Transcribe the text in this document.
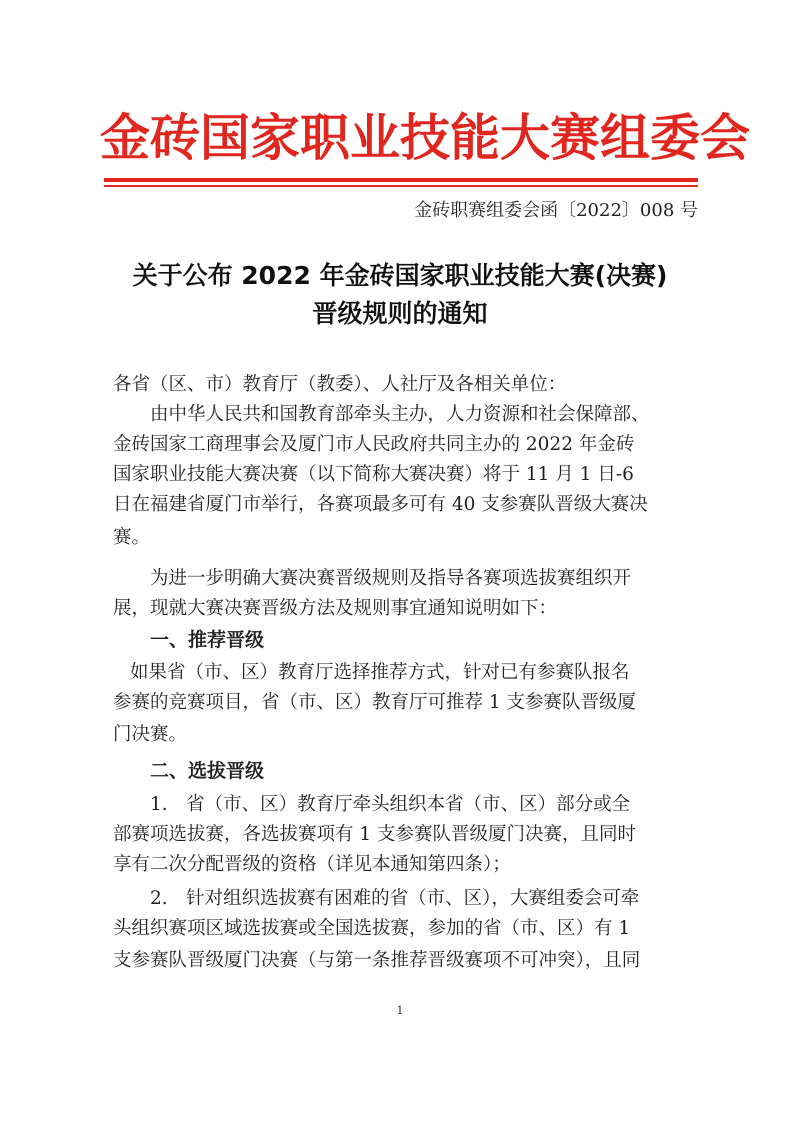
金砖国家职业技能大赛组委会
金砖职赛组委会函〔2022〕008 号
关于公布 2022 年金砖国家职业技能大赛(决赛)
晋级规则的通知
各省（区、市）教育厅（教委）、人社厅及各相关单位：
由中华人民共和国教育部牵头主办，人力资源和社会保障部、
金砖国家工商理事会及厦门市人民政府共同主办的 2022 年金砖
国家职业技能大赛决赛（以下简称大赛决赛）将于 11 月 1 日-6
日在福建省厦门市举行，各赛项最多可有 40 支参赛队晋级大赛决
赛。
为进一步明确大赛决赛晋级规则及指导各赛项选拔赛组织开
展，现就大赛决赛晋级方法及规则事宜通知说明如下：
一、推荐晋级
如果省（市、区）教育厅选择推荐方式，针对已有参赛队报名
参赛的竞赛项目，省（市、区）教育厅可推荐 1 支参赛队晋级厦
门决赛。
二、选拔晋级
1.　省（市、区）教育厅牵头组织本省（市、区）部分或全
部赛项选拔赛，各选拔赛项有 1 支参赛队晋级厦门决赛，且同时
享有二次分配晋级的资格（详见本通知第四条）；
2.　针对组织选拔赛有困难的省（市、区），大赛组委会可牵
头组织赛项区域选拔赛或全国选拔赛，参加的省（市、区）有 1
支参赛队晋级厦门决赛（与第一条推荐晋级赛项不可冲突），且同
1
